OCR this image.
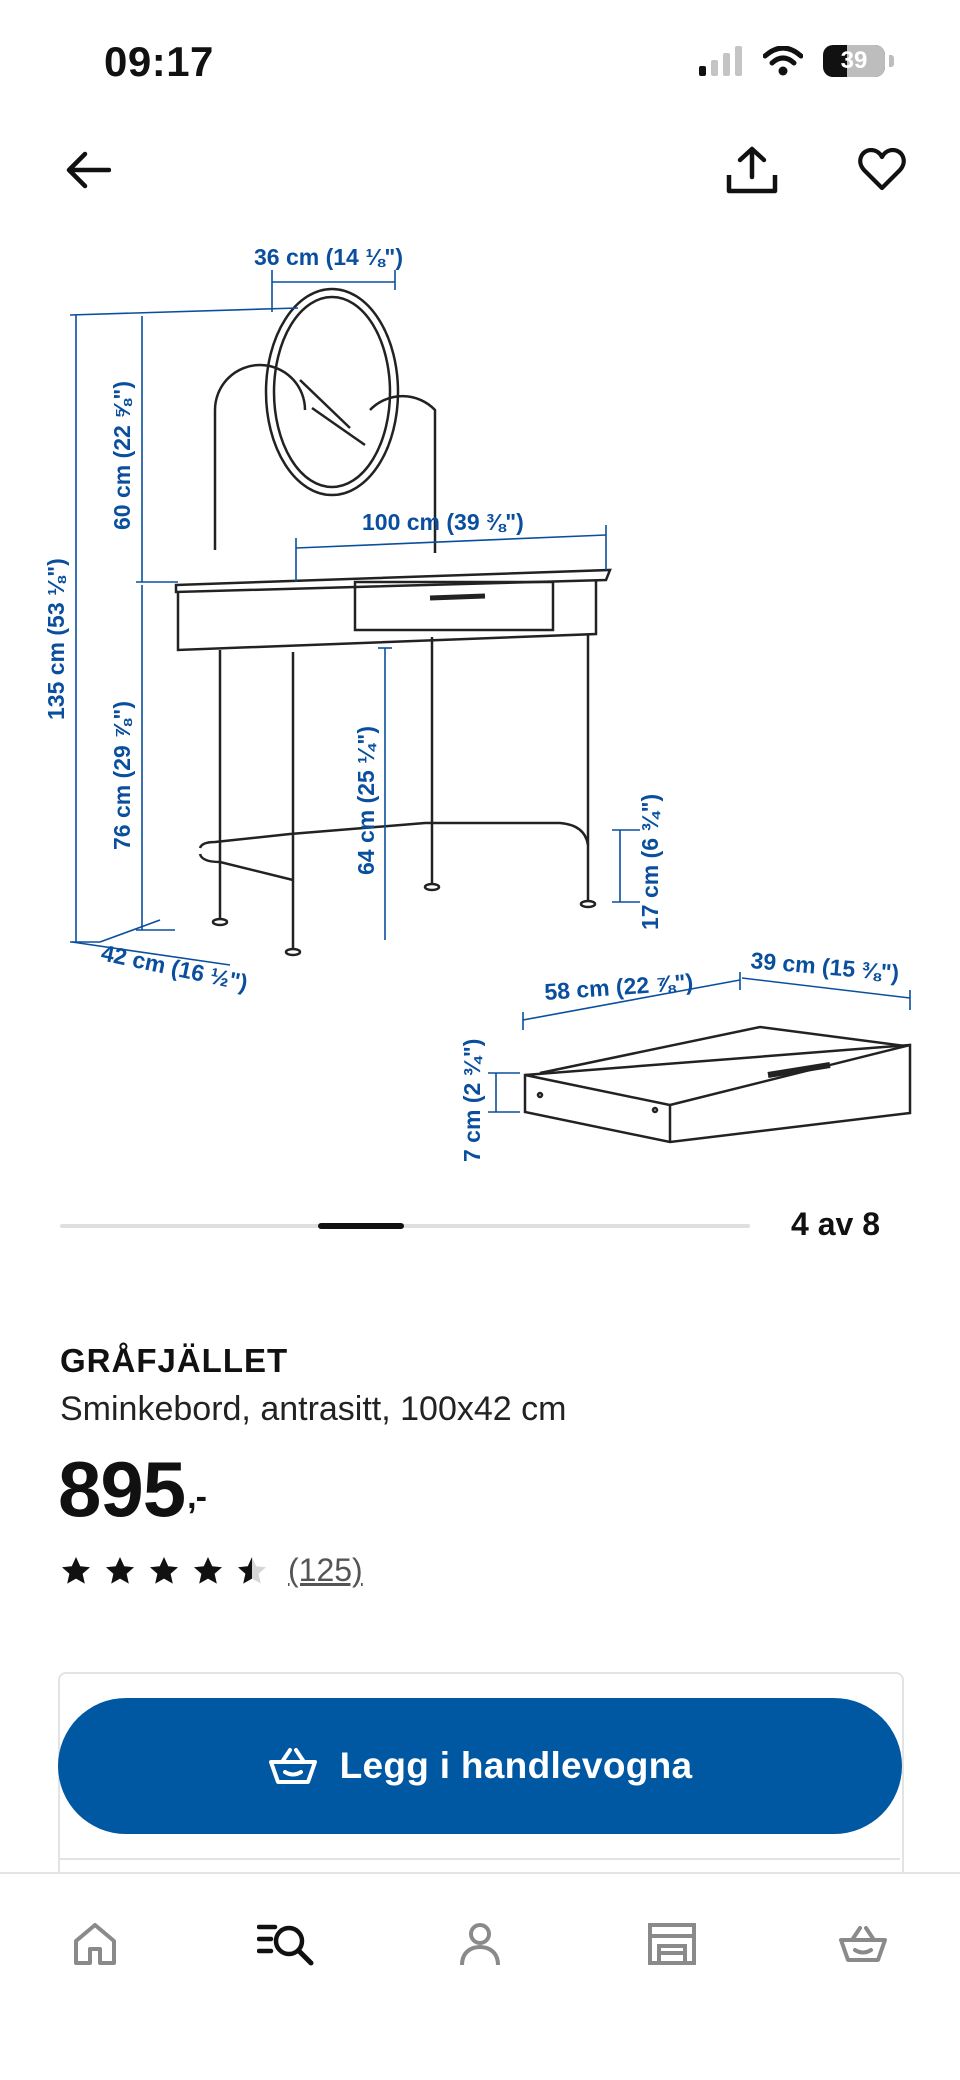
09:17	39
36 cm (14 ⅛")
60 cm (22 ⅝")	100 cm (39 ⅜")
135 cm (53 ⅛")
76 cm (29 ⅞")	64 cm (25 ¼")	17 cm (6 ¾")
42 cm (16 ½")	58 cm (22 ⅞")
39 cm (15 ⅜")
7 cm (2 ¾")
4 av 8
GRÅFJÄLLET
Sminkebord, antrasitt, 100x42 cm
895,-
(125)
Legg i handlevogna
